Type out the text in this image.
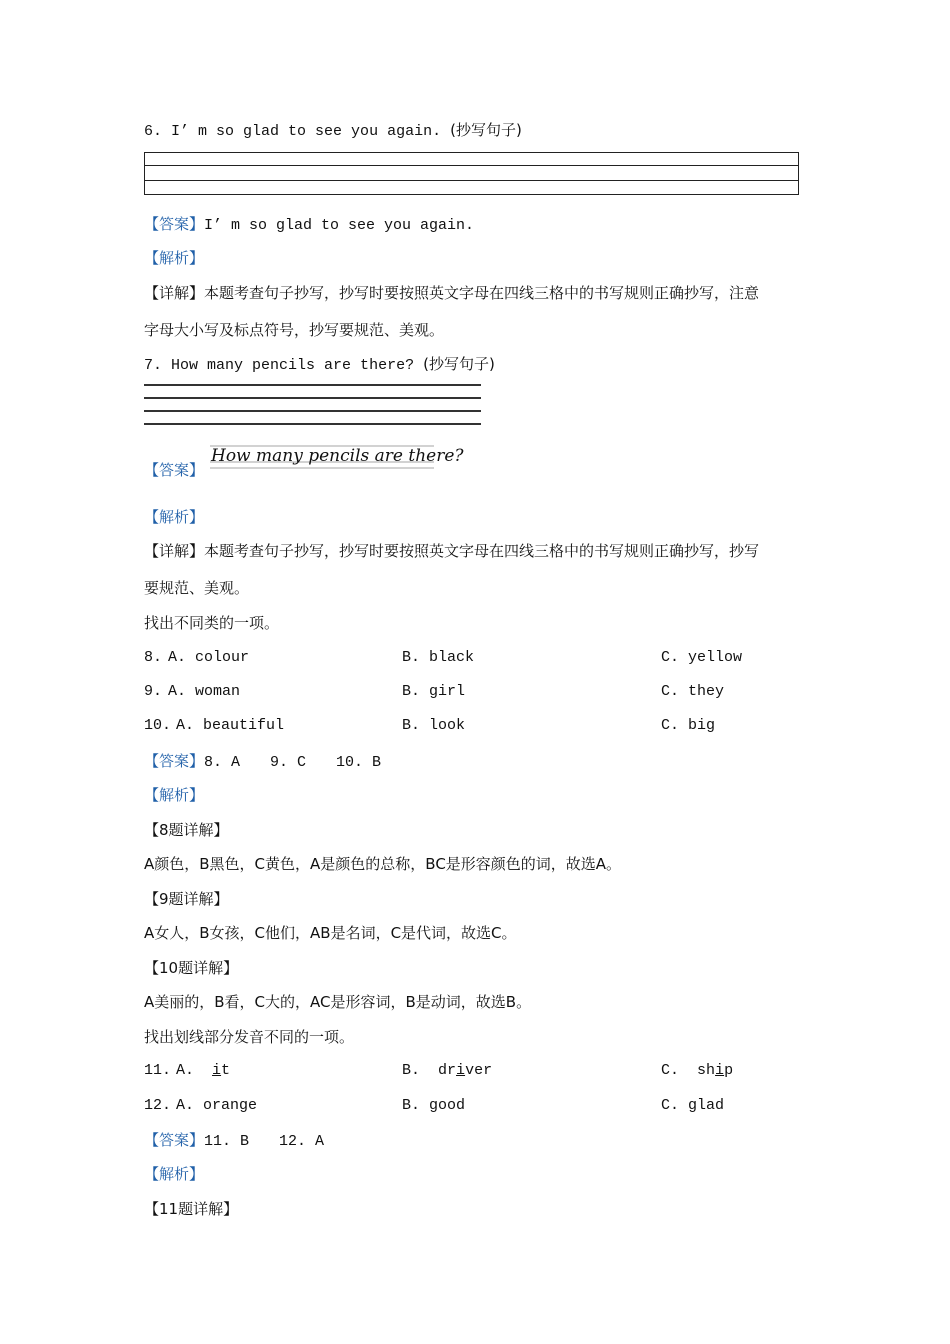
6. I’ m so glad to see you again. (抄写句子)
【答案】I’ m so glad to see you again.
【解析】
【详解】本题考查句子抄写，抄写时要按照英文字母在四线三格中的书写规则正确抄写，注意
字母大小写及标点符号，抄写要规范、美观。
7. How many pencils are there? (抄写句子)
【答案】
How many pencils are there?
【解析】
【详解】本题考查句子抄写，抄写时要按照英文字母在四线三格中的书写规则正确抄写，抄写
要规范、美观。
找出不同类的一项。
8. A. colour	B. black	C. yellow
9. A. woman	B. girl	C. they
10. A. beautiful	B. look	C. big
【答案】8. A 9. C 10. B
【解析】
【8题详解】
A颜色，B黑色，C黄色，A是颜色的总称，BC是形容颜色的词，故选A。
【9题详解】
A女人，B女孩，C他们，AB是名词，C是代词，故选C。
【10题详解】
A美丽的，B看，C大的，AC是形容词，B是动词，故选B。
找出划线部分发音不同的一项。
11. A. it	B. driver	C. ship
12. A. orange	B. good	C. glad
【答案】11. B 12. A
【解析】
【11题详解】
